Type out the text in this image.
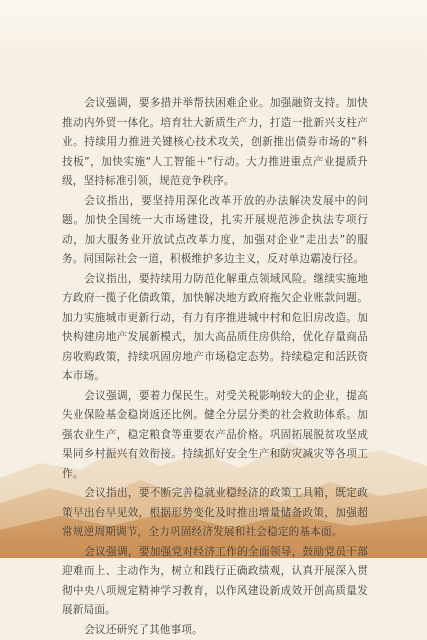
会议强调，要多措并举帮扶困难企业。加强融资支持。加快推动内外贸一体化。培育壮大新质生产力，打造一批新兴支柱产业。持续用力推进关键核心技术攻关，创新推出债券市场的“科技板”，加快实施“人工智能＋”行动。大力推进重点产业提质升级，坚持标准引领，规范竞争秩序。

会议指出，要坚持用深化改革开放的办法解决发展中的问题。加快全国统一大市场建设，扎实开展规范涉企执法专项行动，加大服务业开放试点改革力度，加强对企业“走出去”的服务。同国际社会一道，积极维护多边主义，反对单边霸凌行径。

会议指出，要持续用力防范化解重点领域风险。继续实施地方政府一揽子化债政策，加快解决地方政府拖欠企业账款问题。加力实施城市更新行动，有力有序推进城中村和危旧房改造。加快构建房地产发展新模式，加大高品质住房供给，优化存量商品房收购政策，持续巩固房地产市场稳定态势。持续稳定和活跃资本市场。

会议强调，要着力保民生。对受关税影响较大的企业，提高失业保险基金稳岗返还比例。健全分层分类的社会救助体系。加强农业生产，稳定粮食等重要农产品价格。巩固拓展脱贫攻坚成果同乡村振兴有效衔接。持续抓好安全生产和防灾减灾等各项工作。

会议指出，要不断完善稳就业稳经济的政策工具箱，既定政策早出台早见效，根据形势变化及时推出增量储备政策，加强超常规逆周期调节，全力巩固经济发展和社会稳定的基本面。

会议强调，要加强党对经济工作的全面领导，鼓励党员干部迎难而上、主动作为，树立和践行正确政绩观，认真开展深入贯彻中央八项规定精神学习教育，以作风建设新成效开创高质量发展新局面。

会议还研究了其他事项。
